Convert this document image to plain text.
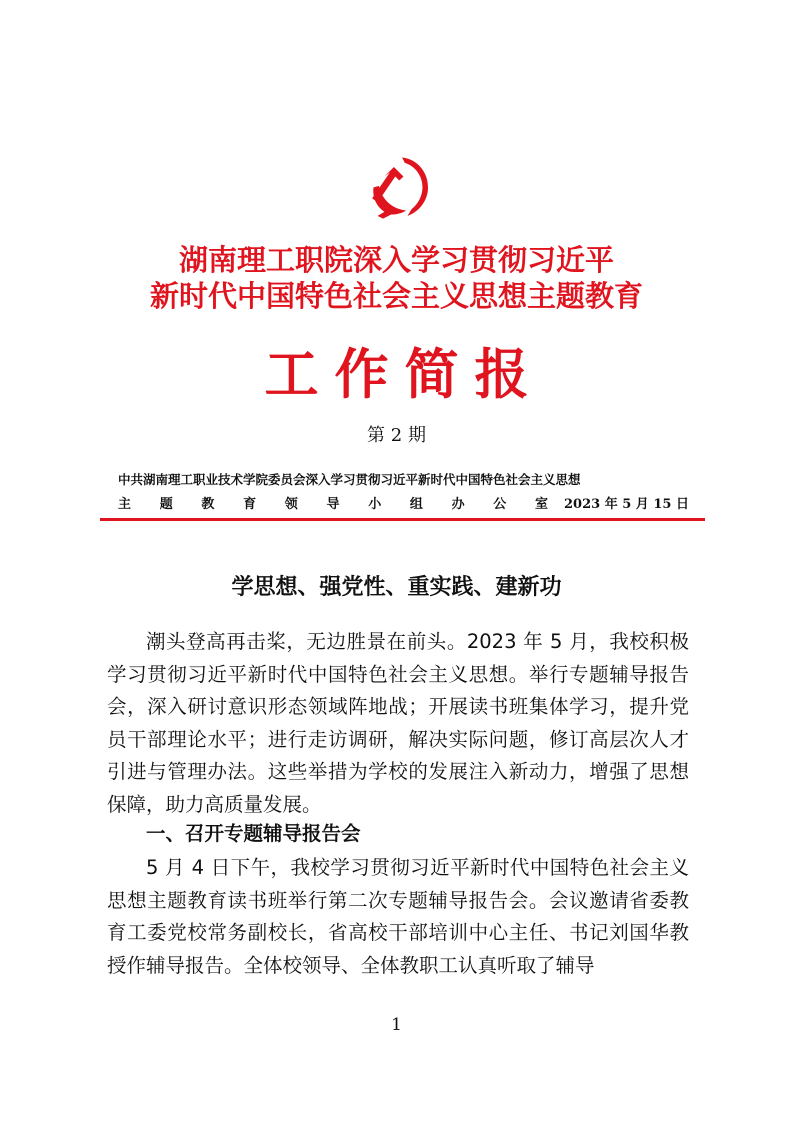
湖南理工职院深入学习贯彻习近平
新时代中国特色社会主义思想主题教育
工作简报
第 2 期
中共湖南理工职业技术学院委员会深入学习贯彻习近平新时代中国特色社会主义思想
主题教育领导小组办公室 2023 年 5 月 15 日
学思想、强党性、重实践、建新功

潮头登高再击桨，无边胜景在前头。2023 年 5 月，我校积极学习贯彻习近平新时代中国特色社会主义思想。举行专题辅导报告会，深入研讨意识形态领域阵地战；开展读书班集体学习，提升党员干部理论水平；进行走访调研，解决实际问题，修订高层次人才引进与管理办法。这些举措为学校的发展注入新动力，增强了思想保障，助力高质量发展。

一、召开专题辅导报告会

5 月 4 日下午，我校学习贯彻习近平新时代中国特色社会主义思想主题教育读书班举行第二次专题辅导报告会。会议邀请省委教育工委党校常务副校长，省高校干部培训中心主任、书记刘国华教授作辅导报告。全体校领导、全体教职工认真听取了辅导

1
